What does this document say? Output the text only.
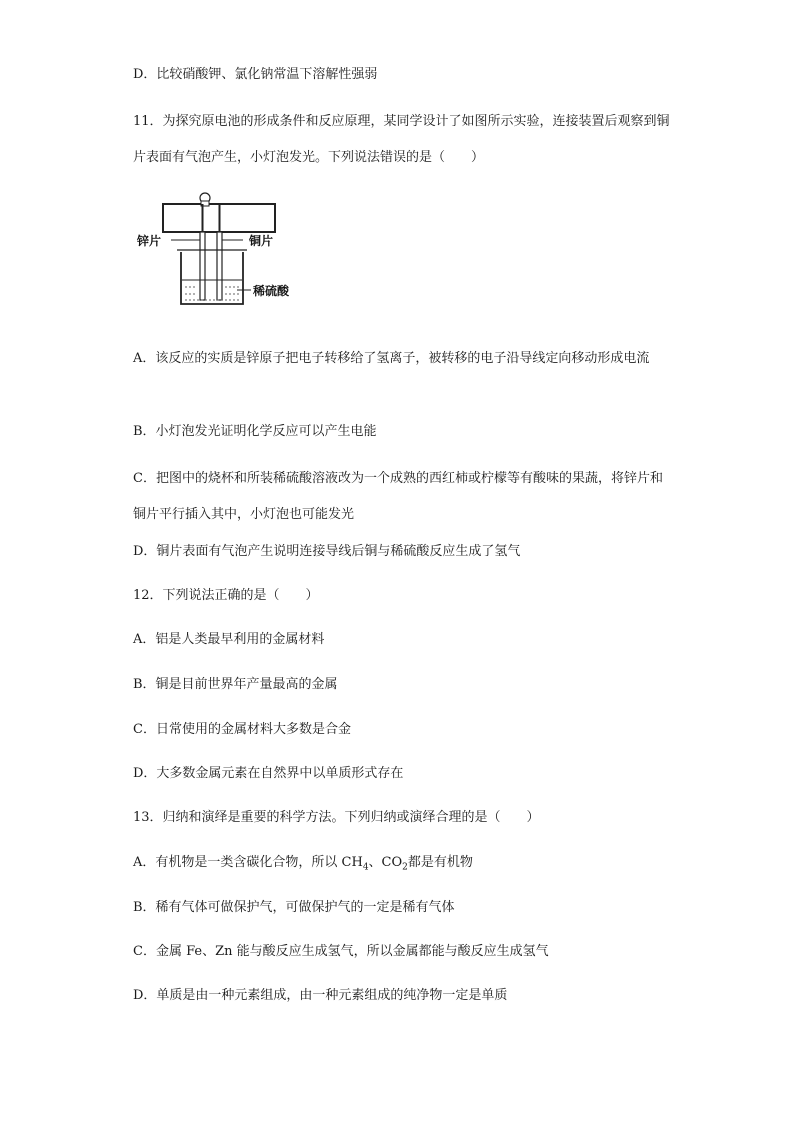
D．比较硝酸钾、氯化钠常温下溶解性强弱
11．为探究原电池的形成条件和反应原理，某同学设计了如图所示实验，连接装置后观察到铜片表面有气泡产生，小灯泡发光。下列说法错误的是（　　）
锌片	铜片
稀硫酸
A．该反应的实质是锌原子把电子转移给了氢离子，被转移的电子沿导线定向移动形成电流
B．小灯泡发光证明化学反应可以产生电能
C．把图中的烧杯和所装稀硫酸溶液改为一个成熟的西红柿或柠檬等有酸味的果蔬，将锌片和铜片平行插入其中，小灯泡也可能发光
D．铜片表面有气泡产生说明连接导线后铜与稀硫酸反应生成了氢气
12．下列说法正确的是（　　）
A．铝是人类最早利用的金属材料
B．铜是目前世界年产量最高的金属
C．日常使用的金属材料大多数是合金
D．大多数金属元素在自然界中以单质形式存在
13．归纳和演绎是重要的科学方法。下列归纳或演绎合理的是（　　）
A．有机物是一类含碳化合物，所以 $CH_4$、$CO_2$都是有机物
B．稀有气体可做保护气，可做保护气的一定是稀有气体
C．金属 Fe、Zn 能与酸反应生成氢气，所以金属都能与酸反应生成氢气
D．单质是由一种元素组成，由一种元素组成的纯净物一定是单质
